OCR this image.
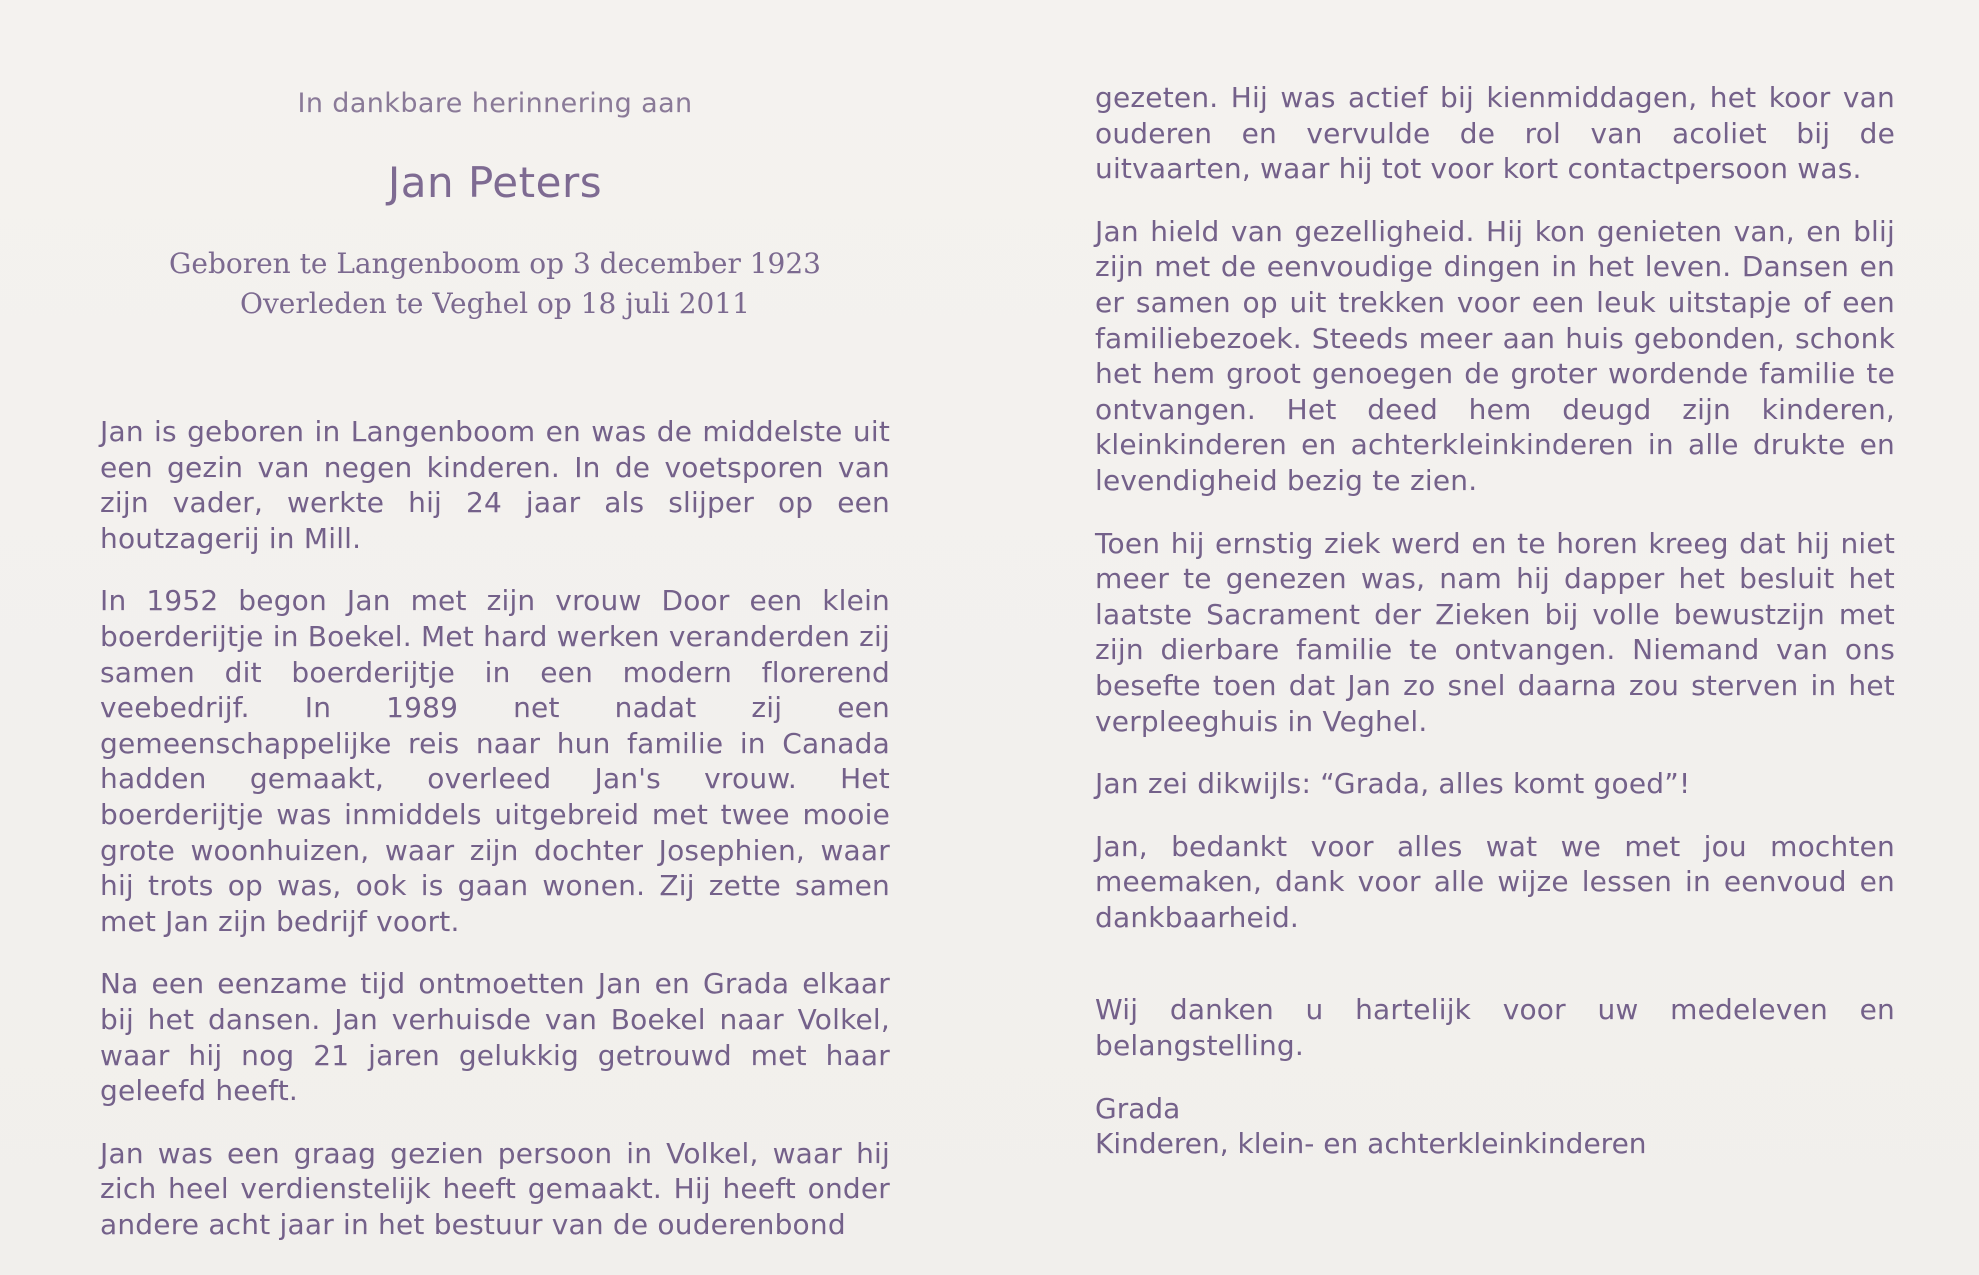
In dankbare herinnering aan
Jan Peters
Geboren te Langenboom op 3 december 1923
Overleden te Veghel op 18 juli 2011

Jan is geboren in Langenboom en was de middelste uit een gezin van negen kinderen. In de voetsporen van zijn vader, werkte hij 24 jaar als slijper op een houtzagerij in Mill.

In 1952 begon Jan met zijn vrouw Door een klein boerderijtje in Boekel. Met hard werken veranderden zij samen dit boerderijtje in een modern florerend veebedrijf. In 1989 net nadat zij een gemeenschappelijke reis naar hun familie in Canada hadden gemaakt, overleed Jan's vrouw. Het boerderijtje was inmiddels uitgebreid met twee mooie grote woonhuizen, waar zijn dochter Josephien, waar hij trots op was, ook is gaan wonen. Zij zette samen met Jan zijn bedrijf voort.

Na een eenzame tijd ontmoetten Jan en Grada elkaar bij het dansen. Jan verhuisde van Boekel naar Volkel, waar hij nog 21 jaren gelukkig getrouwd met haar geleefd heeft.

Jan was een graag gezien persoon in Volkel, waar hij zich heel verdienstelijk heeft gemaakt. Hij heeft onder andere acht jaar in het bestuur van de ouderenbond

gezeten. Hij was actief bij kienmiddagen, het koor van ouderen en vervulde de rol van acoliet bij de uitvaarten, waar hij tot voor kort contactpersoon was.

Jan hield van gezelligheid. Hij kon genieten van, en blij zijn met de eenvoudige dingen in het leven. Dansen en er samen op uit trekken voor een leuk uitstapje of een familiebezoek. Steeds meer aan huis gebonden, schonk het hem groot genoegen de groter wordende familie te ontvangen. Het deed hem deugd zijn kinderen, kleinkinderen en achterkleinkinderen in alle drukte en levendigheid bezig te zien.

Toen hij ernstig ziek werd en te horen kreeg dat hij niet meer te genezen was, nam hij dapper het besluit het laatste Sacrament der Zieken bij volle bewustzijn met zijn dierbare familie te ontvangen. Niemand van ons besefte toen dat Jan zo snel daarna zou sterven in het verpleeghuis in Veghel.

Jan zei dikwijls: “Grada, alles komt goed”!

Jan, bedankt voor alles wat we met jou mochten meemaken, dank voor alle wijze lessen in eenvoud en dankbaarheid.

Wij danken u hartelijk voor uw medeleven en belangstelling.

Grada

Kinderen, klein- en achterkleinkinderen
